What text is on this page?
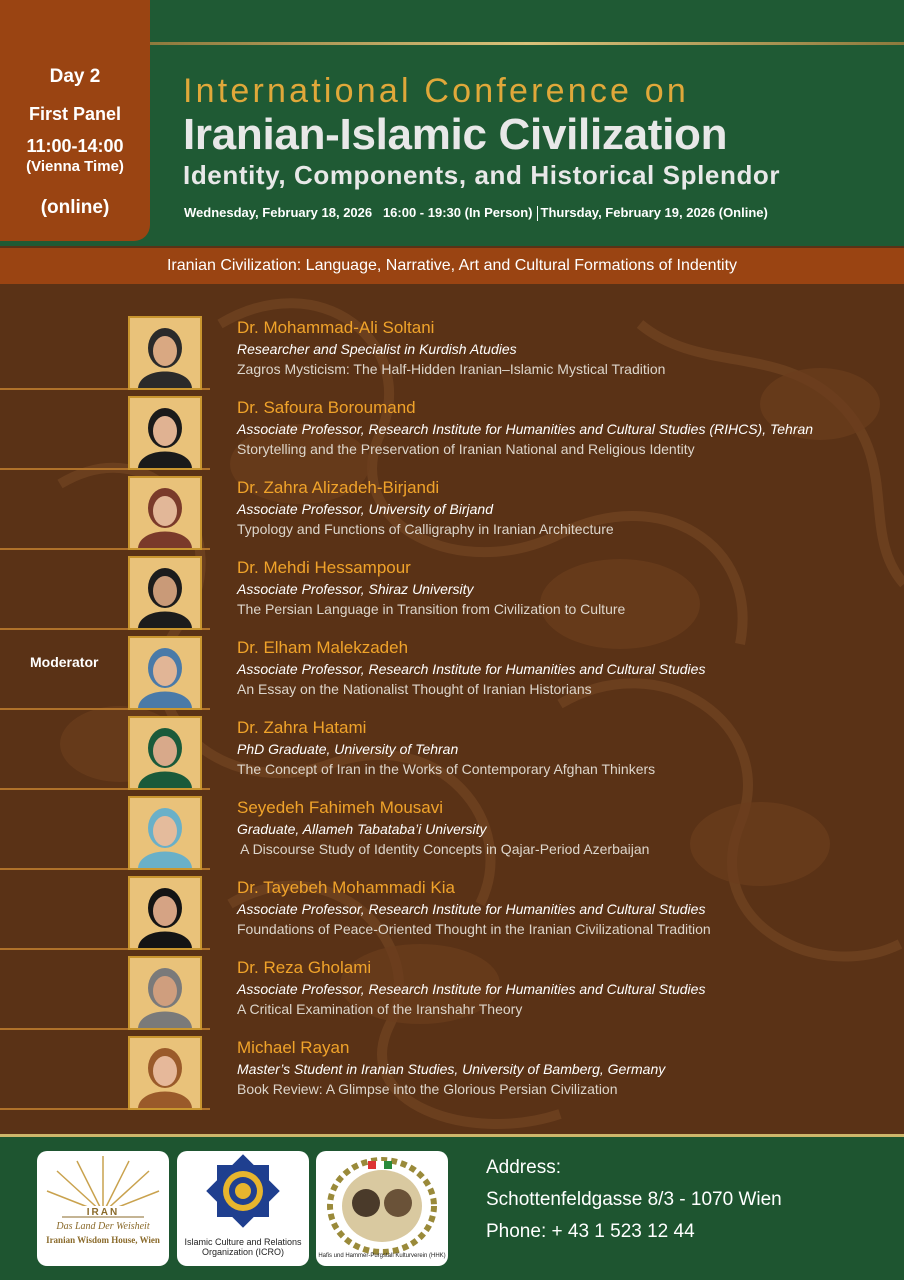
Day 2
First Panel
11:00-14:00
(Vienna Time)
(online)
International Conference on
Iranian-Islamic Civilization
Identity, Components, and Historical Splendor
Wednesday, February 18, 2026   16:00 - 19:30 (In Person) Thursday, February 19, 2026 (Online)
Iranian Civilization: Language, Narrative, Art and Cultural Formations of Indentity
Dr. Mohammad-Ali Soltani
Researcher and Specialist in Kurdish Atudies
Zagros Mysticism: The Half-Hidden Iranian–Islamic Mystical Tradition
Dr. Safoura Boroumand
Associate Professor, Research Institute for Humanities and Cultural Studies (RIHCS), Tehran
Storytelling and the Preservation of Iranian National and Religious Identity
Dr. Zahra Alizadeh-Birjandi
Associate Professor, University of Birjand
Typology and Functions of Calligraphy in Iranian Architecture
Dr. Mehdi Hessampour
Associate Professor, Shiraz University
The Persian Language in Transition from Civilization to Culture
Moderator
Dr. Elham Malekzadeh
Associate Professor, Research Institute for Humanities and Cultural Studies
An Essay on the Nationalist Thought of Iranian Historians
Dr. Zahra Hatami
PhD Graduate, University of Tehran
The Concept of Iran in the Works of Contemporary Afghan Thinkers
Seyedeh Fahimeh Mousavi
Graduate, Allameh Tabataba’i University
A Discourse Study of Identity Concepts in Qajar-Period Azerbaijan
Dr. Tayebeh Mohammadi Kia
Associate Professor, Research Institute for Humanities and Cultural Studies
Foundations of Peace-Oriented Thought in the Iranian Civilizational Tradition
Dr. Reza Gholami
Associate Professor, Research Institute for Humanities and Cultural Studies
A Critical Examination of the Iranshahr Theory
Michael Rayan
Master’s Student in Iranian Studies, University of Bamberg, Germany
Book Review: A Glimpse into the Glorious Persian Civilization
IRAN
Das Land Der Weisheit
Iranian Wisdom House, Wien	Islamic Culture and Relations Organization (ICRO)	Hafis und Hammer-Purgstall Kulturverein (HHK)
Address:
Schottenfeldgasse 8/3 - 1070 Wien
Phone: + 43 1 523 12 44
